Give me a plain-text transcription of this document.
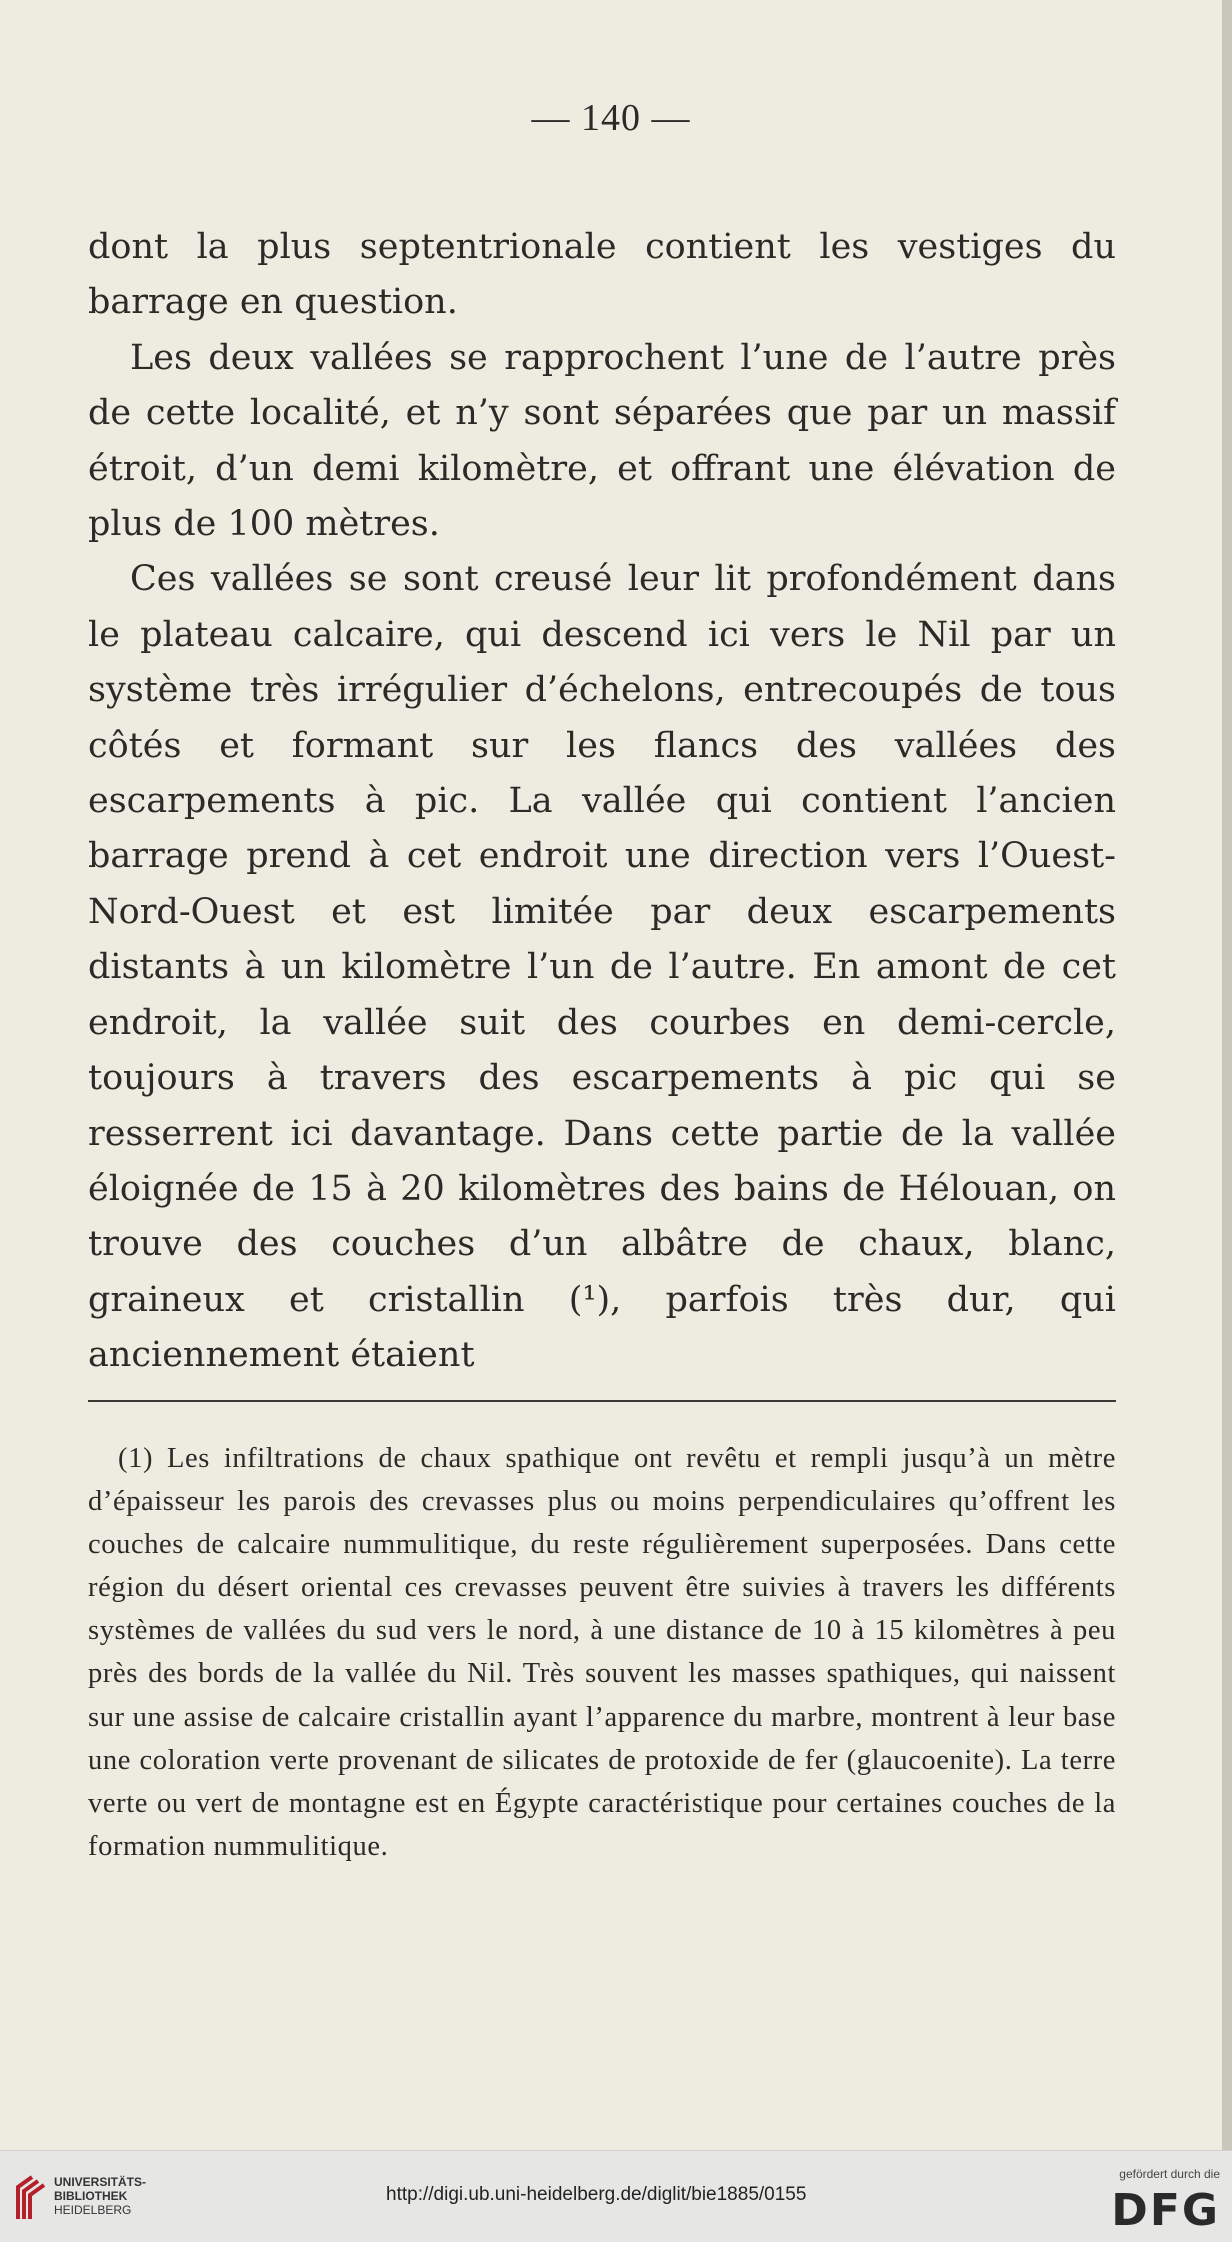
— 140 —

dont la plus septentrionale contient les vestiges du barrage en question.

Les deux vallées se rapprochent l’une de l’autre près de cette localité, et n’y sont séparées que par un massif étroit, d’un demi kilomètre, et offrant une élévation de plus de 100 mètres.

Ces vallées se sont creusé leur lit profondément dans le plateau calcaire, qui descend ici vers le Nil par un système très irrégulier d’échelons, entrecoupés de tous côtés et formant sur les flancs des vallées des escarpements à pic. La vallée qui contient l’ancien barrage prend à cet endroit une direction vers l’Ouest-Nord-Ouest et est limitée par deux escarpements distants à un kilomètre l’un de l’autre. En amont de cet endroit, la vallée suit des courbes en demi-cercle, toujours à travers des escarpements à pic qui se resserrent ici davantage. Dans cette partie de la vallée éloignée de 15 à 20 kilomètres des bains de Hélouan, on trouve des couches d’un albâtre de chaux, blanc, graineux et cristallin (¹), parfois très dur, qui anciennement étaient

(1) Les infiltrations de chaux spathique ont revêtu et rempli jusqu’à un mètre d’épaisseur les parois des crevasses plus ou moins perpendiculaires qu’offrent les couches de calcaire nummulitique, du reste régulièrement superposées. Dans cette région du désert oriental ces crevasses peuvent être suivies à travers les différents systèmes de vallées du sud vers le nord, à une distance de 10 à 15 kilomètres à peu près des bords de la vallée du Nil. Très souvent les masses spathiques, qui naissent sur une assise de calcaire cristallin ayant l’apparence du marbre, montrent à leur base une coloration verte provenant de silicates de protoxide de fer (glaucoenite). La terre verte ou vert de montagne est en Égypte caractéristique pour certaines couches de la formation nummulitique.

UNIVERSITÄTS-
BIBLIOTHEK
HEIDELBERG
http://digi.ub.uni-heidelberg.de/diglit/bie1885/0155
gefördert durch die
DFG
